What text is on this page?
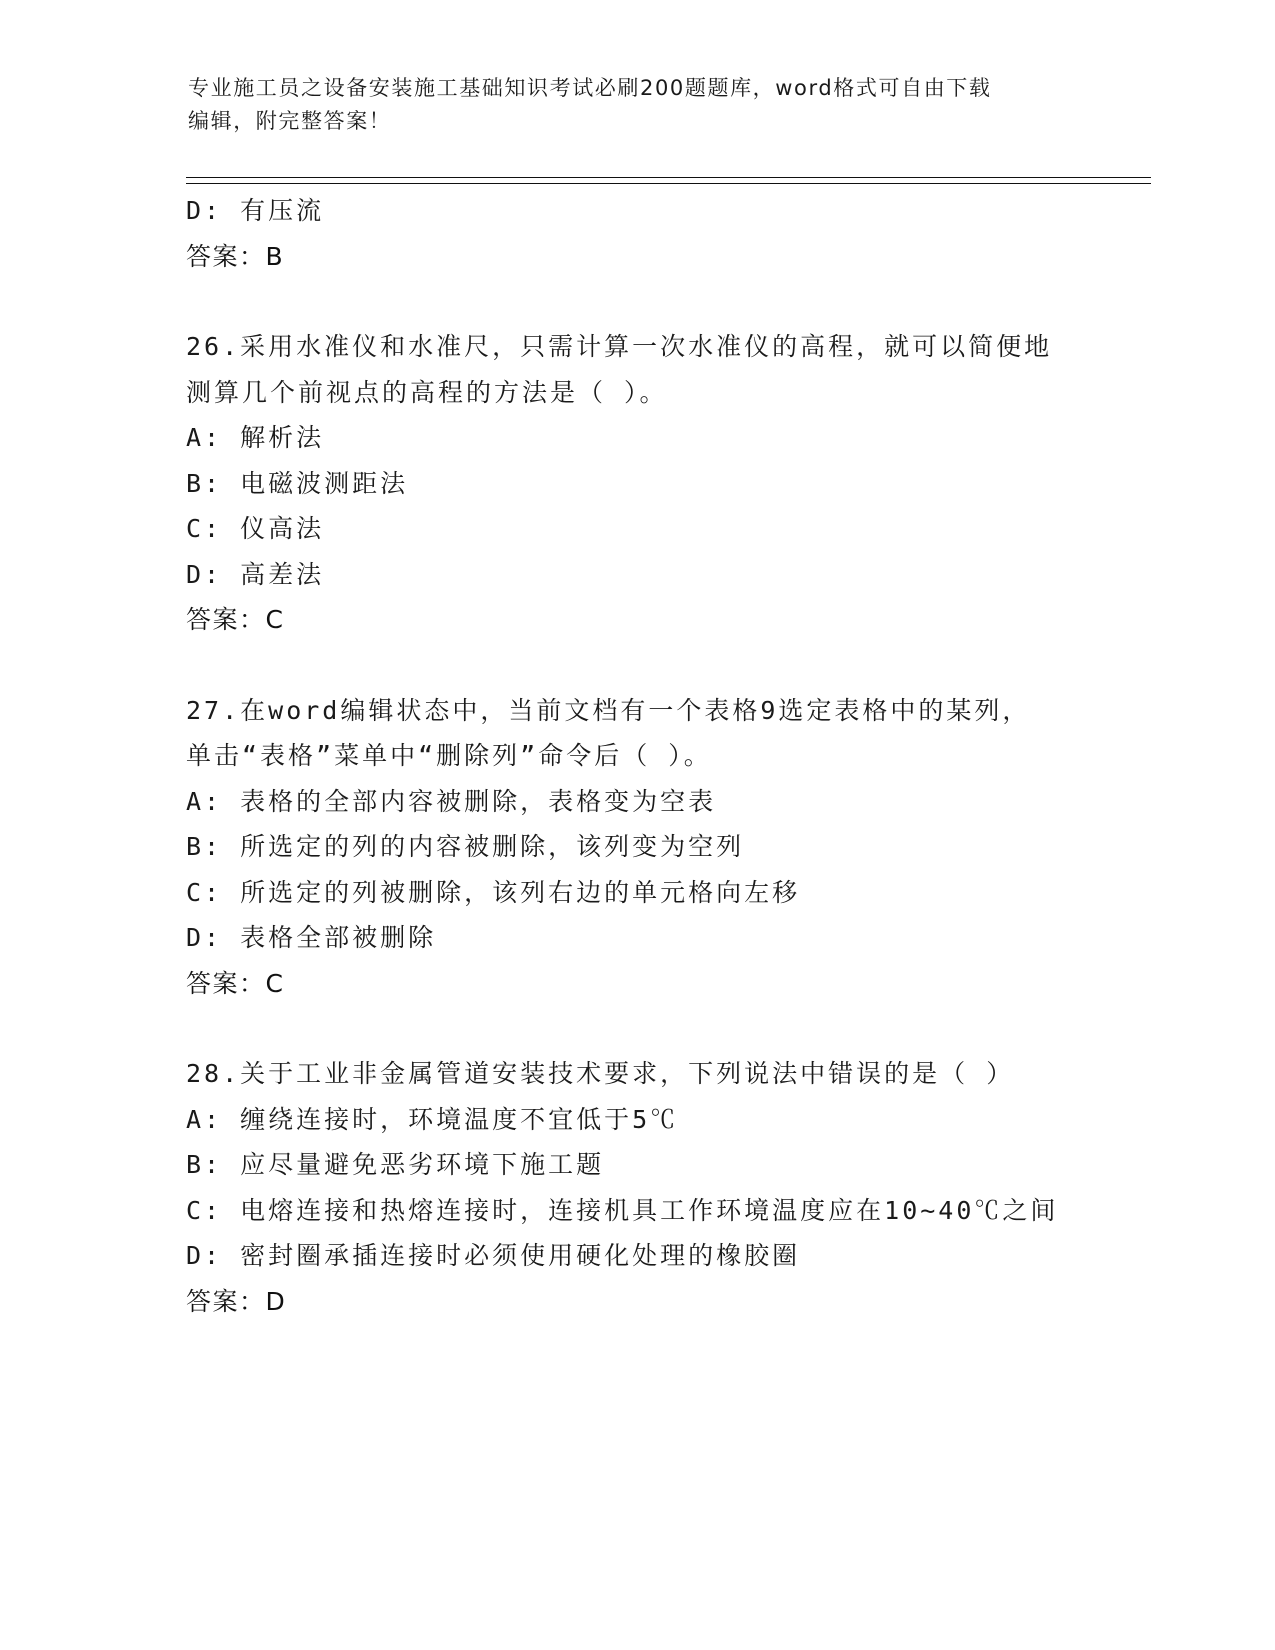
专业施工员之设备安装施工基础知识考试必刷200题题库，word格式可自由下载
编辑，附完整答案！
D: 有压流
答案：B
26.采用水准仪和水准尺，只需计算一次水准仪的高程，就可以简便地
测算几个前视点的高程的方法是（ ）。
A: 解析法
B: 电磁波测距法
C: 仪高法
D: 高差法
答案：C
27.在word编辑状态中，当前文档有一个表格9选定表格中的某列，
单击“表格”菜单中“删除列”命令后（ ）。
A: 表格的全部内容被删除，表格变为空表
B: 所选定的列的内容被删除，该列变为空列
C: 所选定的列被删除，该列右边的单元格向左移
D: 表格全部被删除
答案：C
28.关于工业非金属管道安装技术要求，下列说法中错误的是（ ）
A: 缠绕连接时，环境温度不宜低于5℃
B: 应尽量避免恶劣环境下施工题
C: 电熔连接和热熔连接时，连接机具工作环境温度应在10~40℃之间
D: 密封圈承插连接时必须使用硬化处理的橡胶圈
答案：D
